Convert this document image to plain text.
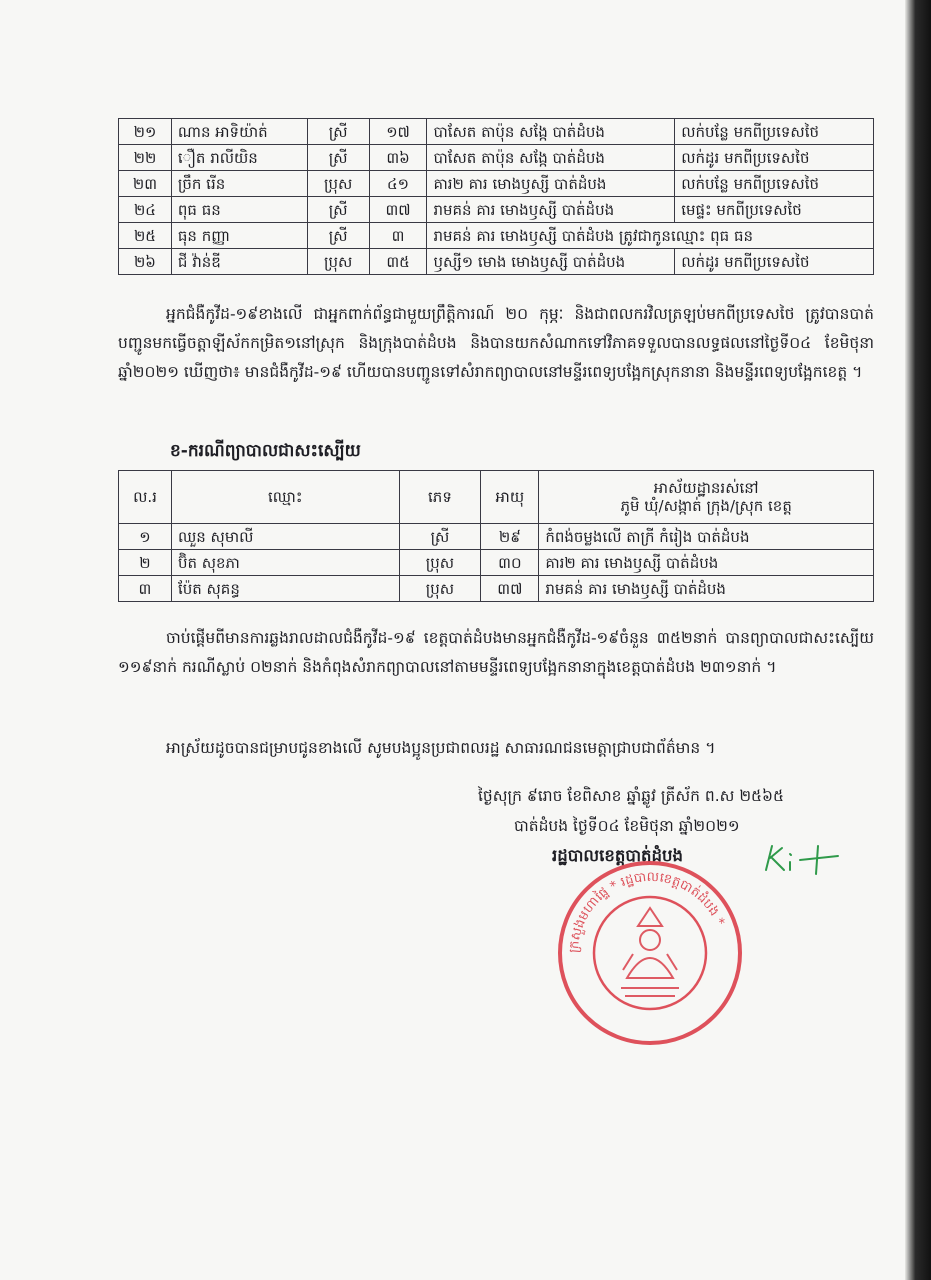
២១	ណាន អាទិយ៉ាត់	ស្រី	១៧	បាសែត តាប៉ុន សង្កែ បាត់ដំបង	លក់បន្លែ មកពីប្រទេសថៃ
២២	ឿត រាលីយិន	ស្រី	៣៦	បាសែត តាប៉ុន សង្កែ បាត់ដំបង	លក់ដូរ មកពីប្រទេសថៃ
២៣	ច្រឹក រើន	ប្រុស	៤១	គារ២ គារ មោងឫស្សី បាត់ដំបង	លក់បន្លែ មកពីប្រទេសថៃ
២៤	ពុធ ធន	ស្រី	៣៧	រាមគន់ គារ មោងឫស្សី បាត់ដំបង	មេផ្ទះ មកពីប្រទេសថៃ
២៥	ធុន កញ្ញា	ស្រី	៣	រាមគន់ គារ មោងឫស្សី បាត់ដំបង ត្រូវជាកូនឈ្មោះ ពុធ ធន	
២៦	ជី វ៉ាន់ឌី	ប្រុស	៣៥	ឫស្សី១ មោង មោងឫស្សី បាត់ដំបង	លក់ដូរ មកពីប្រទេសថៃ
អ្នកជំងឺកូវីដ-១៩ខាងលើ ជាអ្នកពាក់ព័ន្ធជាមួយព្រឹត្តិការណ៍ ២០ កុម្ភៈ និងជាពលករវិលត្រឡប់មកពីប្រទេសថៃ ត្រូវបានបាត់បញ្ជូនមកធ្វើចត្តាឡីស័កកម្រិត១នៅស្រុក និងក្រុងបាត់ដំបង និងបានយកសំណាកទៅវិភាគទទួលបានលទ្ធផលនៅថ្ងៃទី០៤ ខែមិថុនា ឆ្នាំ២០២១ ឃើញថា៖ មានជំងឺកូវីដ-១៩ ហើយបានបញ្ជូនទៅសំរាកព្យាបាលនៅមន្ទីរពេទ្យបង្អែកស្រុកនានា និងមន្ទីរពេទ្យបង្អែកខេត្ត ។
ខ-ករណីព្យាបាលជាសះស្បើយ
ល.រ	ឈ្មោះ	ភេទ	អាយុ	អាស័យដ្ឋានរស់នៅ
ភូមិ ឃុំ/សង្កាត់ ក្រុង/ស្រុក ខេត្ត

១	ឈួន សុមាលី	ស្រី	២៩	កំពង់ចម្លងលើ តាក្រី កំរៀង បាត់ដំបង
២	ប៊ិត សុខភា	ប្រុស	៣០	គារ២ គារ មោងឫស្សី បាត់ដំបង
៣	ប៉ែត សុគន្ធ	ប្រុស	៣៧	រាមគន់ គារ មោងឫស្សី បាត់ដំបង
ចាប់ផ្តើមពីមានការឆ្លងរាលដាលជំងឺកូវីដ-១៩ ខេត្តបាត់ដំបងមានអ្នកជំងឺកូវីដ-១៩ចំនួន ៣៥២នាក់ បានព្យាបាលជាសះស្បើយ ១១៩នាក់ ករណីស្លាប់ ០២នាក់ និងកំពុងសំរាកព្យាបាលនៅតាមមន្ទីរពេទ្យបង្អែកនានាក្នុងខេត្តបាត់ដំបង ២៣១នាក់ ។
អាស្រ័យដូចបានជម្រាបជូនខាងលើ សូមបងប្អូនប្រជាពលរដ្ឋ សាធារណជនមេត្តាជ្រាបជាព័ត៌មាន ។
ថ្ងៃសុក្រ ៩រោច ខែពិសាខ ឆ្នាំឆ្លូវ ត្រីស័ក ព.ស ២៥៦៥
បាត់ដំបង ថ្ងៃទី០៤ ខែមិថុនា ឆ្នាំ២០២១
រដ្ឋបាលខេត្តបាត់ដំបង
ក្រសួងមហាផ្ទៃ * រដ្ឋបាលខេត្តបាត់ដំបង *
